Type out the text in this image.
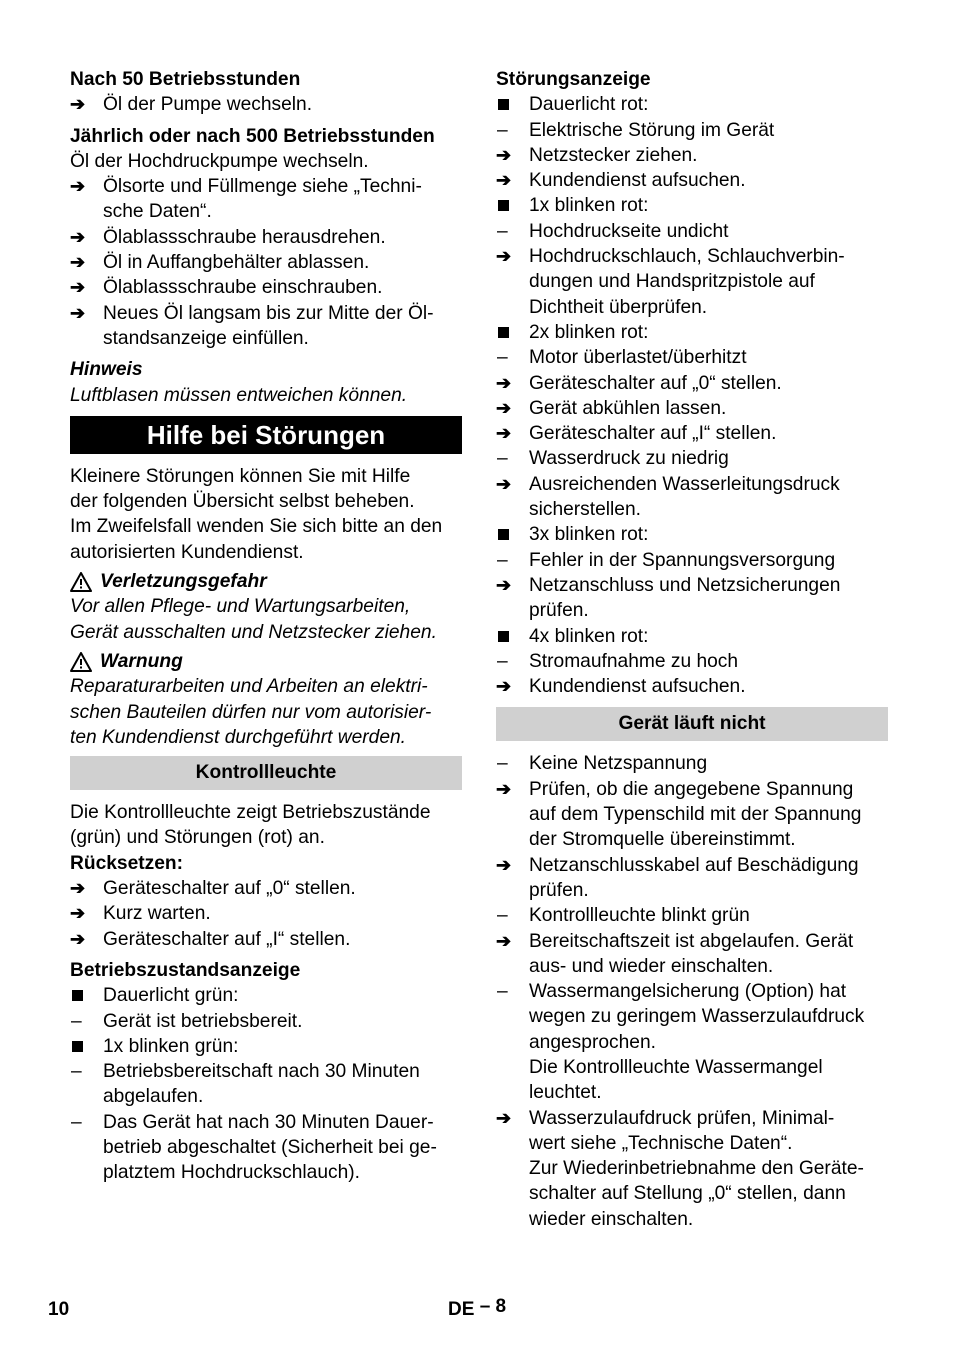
Nach 50 Betriebsstunden
➔ Öl der Pumpe wechseln.
Jährlich oder nach 500 Betriebsstunden
Öl der Hochdruckpumpe wechseln.
➔ Ölsorte und Füllmenge siehe „Techni-
sche Daten“.
➔ Ölablassschraube herausdrehen.
➔ Öl in Auffangbehälter ablassen.
➔ Ölablassschraube einschrauben.
➔ Neues Öl langsam bis zur Mitte der Öl-
standsanzeige einfüllen.
Hinweis
Luftblasen müssen entweichen können.
Hilfe bei Störungen
Kleinere Störungen können Sie mit Hilfe
der folgenden Übersicht selbst beheben.
Im Zweifelsfall wenden Sie sich bitte an den
autorisierten Kundendienst.
Verletzungsgefahr
Vor allen Pflege- und Wartungsarbeiten,
Gerät ausschalten und Netzstecker ziehen.
Warnung
Reparaturarbeiten und Arbeiten an elektri-
schen Bauteilen dürfen nur vom autorisier-
ten Kundendienst durchgeführt werden.
Kontrollleuchte
Die Kontrollleuchte zeigt Betriebszustände
(grün) und Störungen (rot) an.
Rücksetzen:
➔ Geräteschalter auf „0“ stellen.
➔ Kurz warten.
➔ Geräteschalter auf „I“ stellen.
Betriebszustandsanzeige
Dauerlicht grün:
–	Gerät ist betriebsbereit.
1x blinken grün:
–	Betriebsbereitschaft nach 30 Minuten
abgelaufen.
–	Das Gerät hat nach 30 Minuten Dauer-
betrieb abgeschaltet (Sicherheit bei ge-
platztem Hochdruckschlauch).
Störungsanzeige
Dauerlicht rot:
–	Elektrische Störung im Gerät
➔ Netzstecker ziehen.
➔ Kundendienst aufsuchen.
1x blinken rot:
–	Hochdruckseite undicht
➔ Hochdruckschlauch, Schlauchverbin-
dungen und Handspritzpistole auf
Dichtheit überprüfen.
2x blinken rot:
–	Motor überlastet/überhitzt
➔ Geräteschalter auf „0“ stellen.
➔ Gerät abkühlen lassen.
➔ Geräteschalter auf „I“ stellen.
–	Wasserdruck zu niedrig
➔ Ausreichenden Wasserleitungsdruck
sicherstellen.
3x blinken rot:
–	Fehler in der Spannungsversorgung
➔ Netzanschluss und Netzsicherungen
prüfen.
4x blinken rot:
–	Stromaufnahme zu hoch
➔ Kundendienst aufsuchen.
Gerät läuft nicht
–	Keine Netzspannung
➔ Prüfen, ob die angegebene Spannung
auf dem Typenschild mit der Spannung
der Stromquelle übereinstimmt.
➔ Netzanschlusskabel auf Beschädigung
prüfen.
–	Kontrollleuchte blinkt grün
➔ Bereitschaftszeit ist abgelaufen. Gerät
aus- und wieder einschalten.
–	Wassermangelsicherung (Option) hat
wegen zu geringem Wasserzulaufdruck
angesprochen.
Die Kontrollleuchte Wassermangel
leuchtet.
➔ Wasserzulaufdruck prüfen, Minimal-
wert siehe „Technische Daten“.
Zur Wiederinbetriebnahme den Geräte-
schalter auf Stellung „0“ stellen, dann
wieder einschalten.
10	DE – 8
